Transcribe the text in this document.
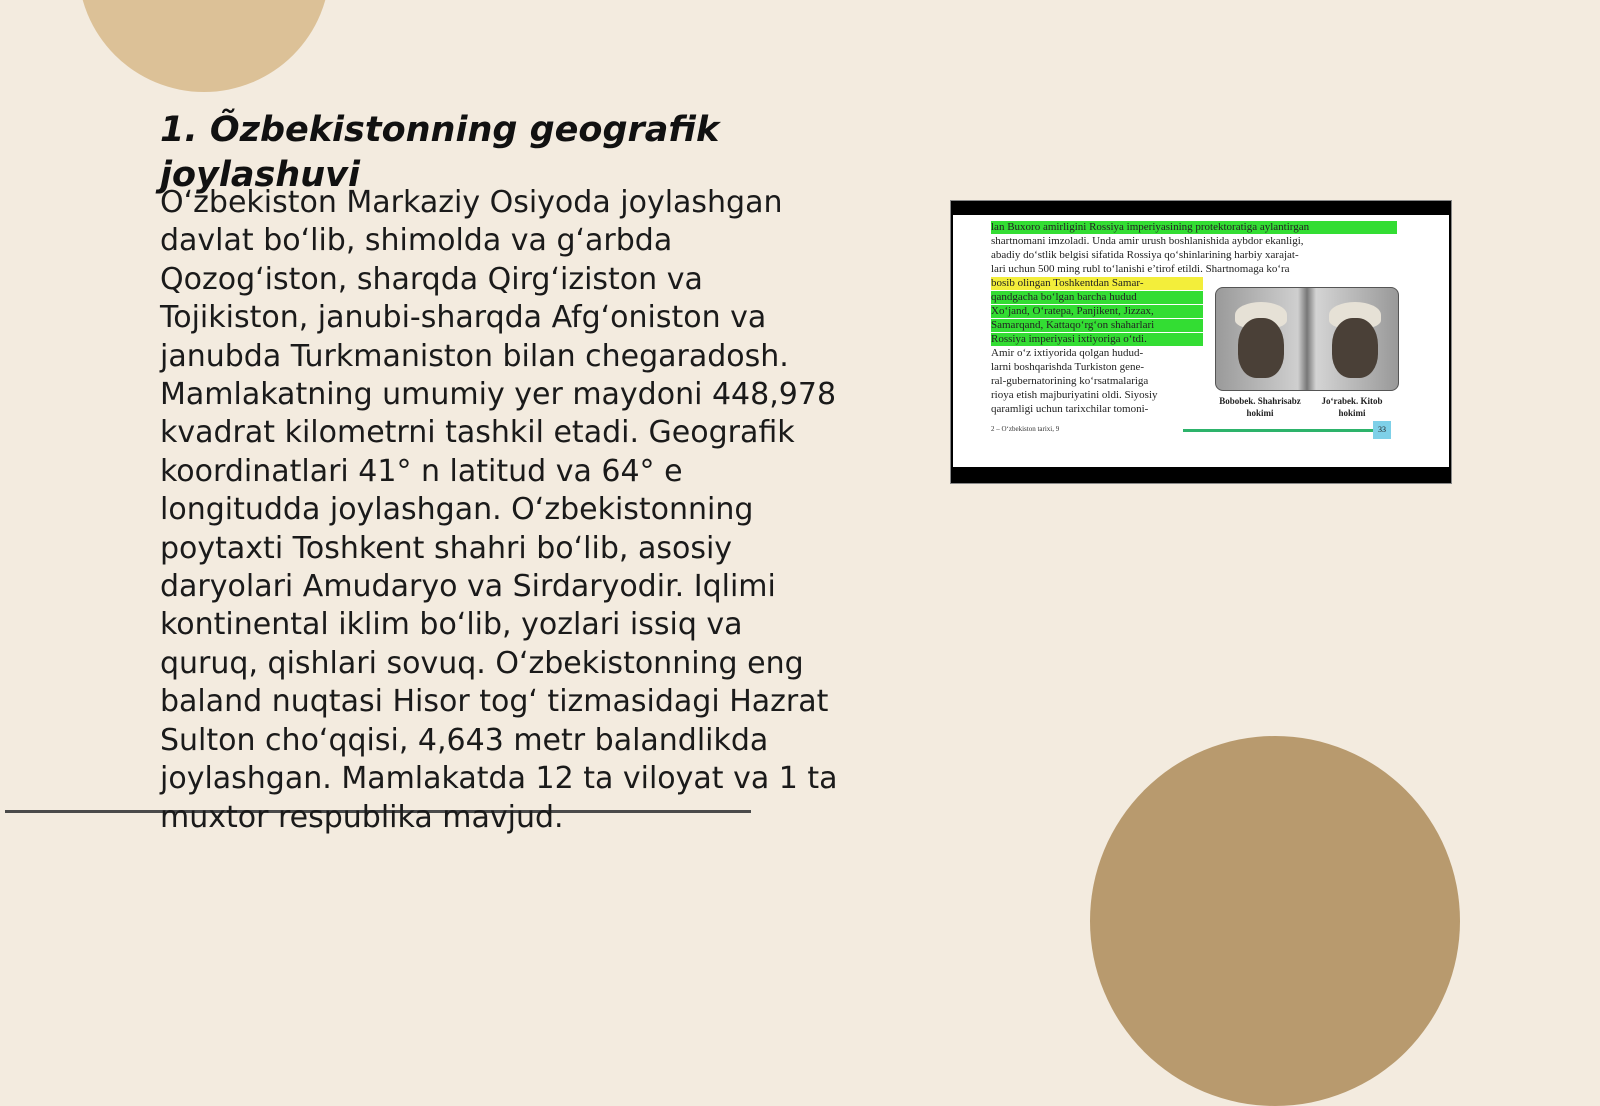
1. Õzbekistonning geografik joylashuvi

O‘zbekiston Markaziy Osiyoda joylashgan davlat bo‘lib, shimolda va g‘arbda Qozog‘iston, sharqda Qirg‘iziston va Tojikiston, janubi-sharqda Afg‘oniston va janubda Turkmaniston bilan chegaradosh. Mamlakatning umumiy yer maydoni 448,978 kvadrat kilometrni tashkil etadi. Geografik koordinatlari 41° n latitud va 64° e longitudda joylashgan. O‘zbekistonning poytaxti Toshkent shahri bo‘lib, asosiy daryolari Amudaryo va Sirdaryodir. Iqlimi kontinental iklim bo‘lib, yozlari issiq va quruq, qishlari sovuq. O‘zbekistonning eng baland nuqtasi Hisor tog‘ tizmasidagi Hazrat Sulton cho‘qqisi, 4,643 metr balandlikda joylashgan. Mamlakatda 12 ta viloyat va 1 ta muxtor respublika mavjud.

lan Buxoro amirligini Rossiya imperiyasining protektoratiga aylantirgan
shartnomani imzoladi. Unda amir urush boshlanishida aybdor ekanligi,
abadiy do‘stlik belgisi sifatida Rossiya qo‘shinlarining harbiy xarajat-
lari uchun 500 ming rubl to‘lanishi e’tirof etildi. Shartnomaga ko‘ra
bosib olingan Toshkentdan Samar-
qandgacha bo‘lgan barcha hudud
Xo‘jand, O‘ratepa, Panjikent, Jizzax,
Samarqand, Kattaqo‘rg‘on shaharlari
Rossiya imperiyasi ixtiyoriga o‘tdi.
Amir o‘z ixtiyorida qolgan hudud-
larni boshqarishda Turkiston gene-
ral-gubernatorining ko‘rsatmalariga
rioya etish majburiyatini oldi. Siyosiy
qaramligi uchun tarixchilar tomoni-
Bobobek. Shahrisabz hokimi
Jo‘rabek. Kitob hokimi
2 – O‘zbekiston tarixi, 9	33
